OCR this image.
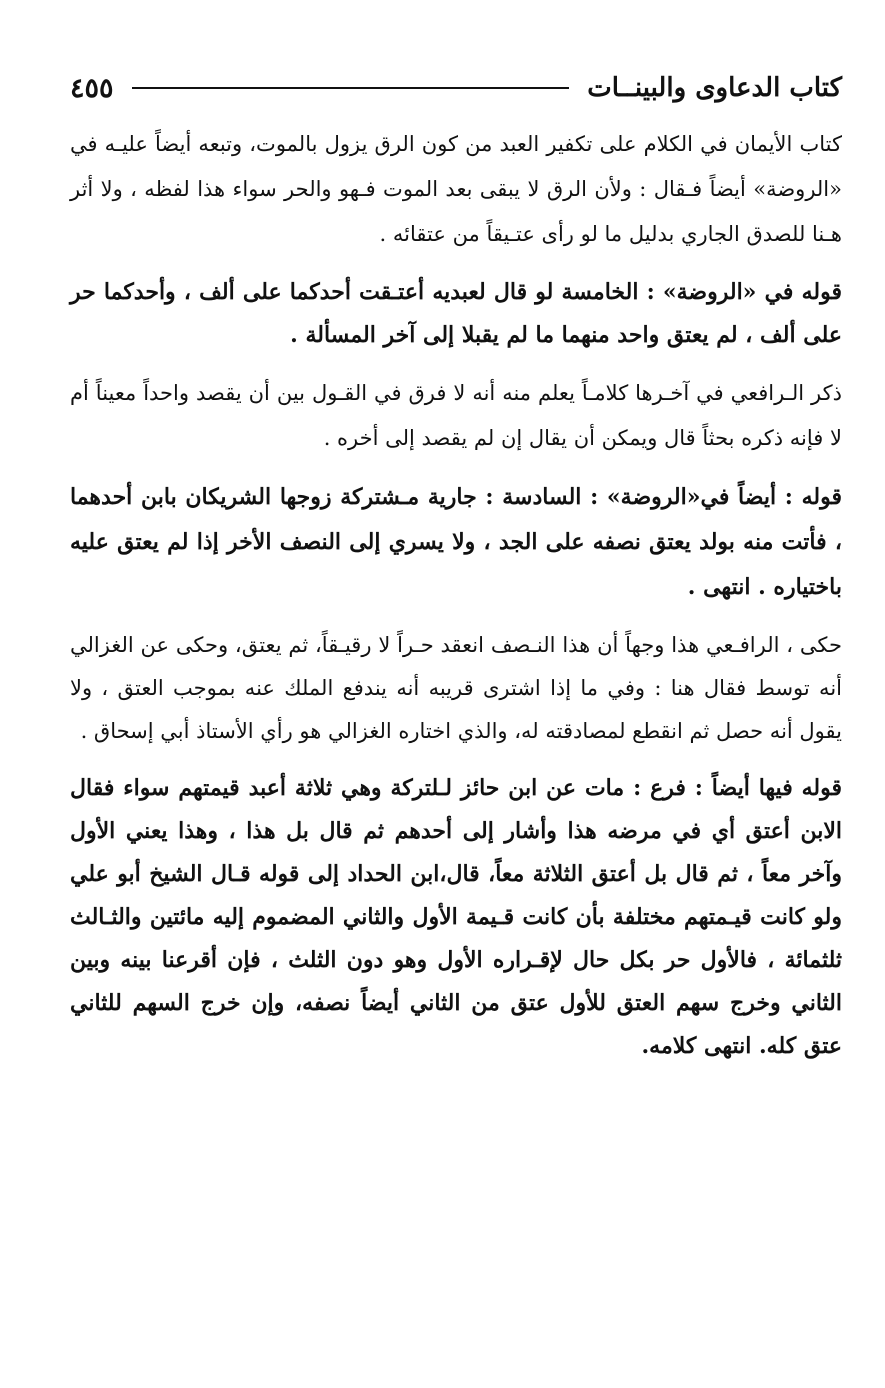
كتاب الدعاوى والبينــات
٤٥٥

كتاب الأيمان في الكلام على تكفير العبد من كون الرق يزول بالموت، وتبعه أيضاً عليـه في «الروضة» أيضاً فـقال : ولأن الرق لا يبقى بعد الموت فـهو والحر سواء هذا لفظه ، ولا أثر هـنا للصدق الجاري بدليل ما لو رأى عتـيقاً من عتقائه .

قوله في «الروضة» : الخامسة لو قال لعبديه أعتـقت أحدكما على ألف ، وأحدكما حر على ألف ، لم يعتق واحد منهما ما لم يقبلا إلى آخر المسألة .

ذكر الـرافعي في آخـرها كلامـاً يعلم منه أنه لا فرق في القـول بين أن يقصد واحداً معيناً أم لا فإنه ذكره بحثاً قال ويمكن أن يقال إن لم يقصد إلى أخره .

قوله : أيضاً في«الروضة» : السادسة : جارية مـشتركة زوجها الشريكان بابن أحدهما ، فأتت منه بولد يعتق نصفه على الجد ، ولا يسري إلى النصف الأخر إذا لم يعتق عليه باختياره . انتهى .

حكى ، الرافـعي هذا وجهاً أن هذا النـصف انعقد حـراً لا رقيـقاً، ثم يعتق، وحكى عن الغزالي أنه توسط فقال هنا : وفي ما إذا اشترى قريبه أنه يندفع الملك عنه بموجب العتق ، ولا يقول أنه حصل ثم انقطع لمصادقته له، والذي اختاره الغزالي هو رأي الأستاذ أبي إسحاق .

قوله فيها أيضاً : فرع : مات عن ابن حائز لـلتركة وهي ثلاثة أعبد قيمتهم سواء فقال الابن أعتق أي في مرضه هذا وأشار إلى أحدهم ثم قال بل هذا ، وهذا يعني الأول وآخر معاً ، ثم قال بل أعتق الثلاثة معاً، قال،ابن الحداد إلى قوله قـال الشيخ أبو علي ولو كانت قيـمتهم مختلفة بأن كانت قـيمة الأول والثاني المضموم إليه مائتين والثـالث ثلثمائة ، فالأول حر بكل حال لإقـراره الأول وهو دون الثلث ، فإن أقرعنا بينه وبين الثاني وخرج سهم العتق للأول عتق من الثاني أيضاً نصفه، وإن خرج السهم للثاني عتق كله. انتهى كلامه.
